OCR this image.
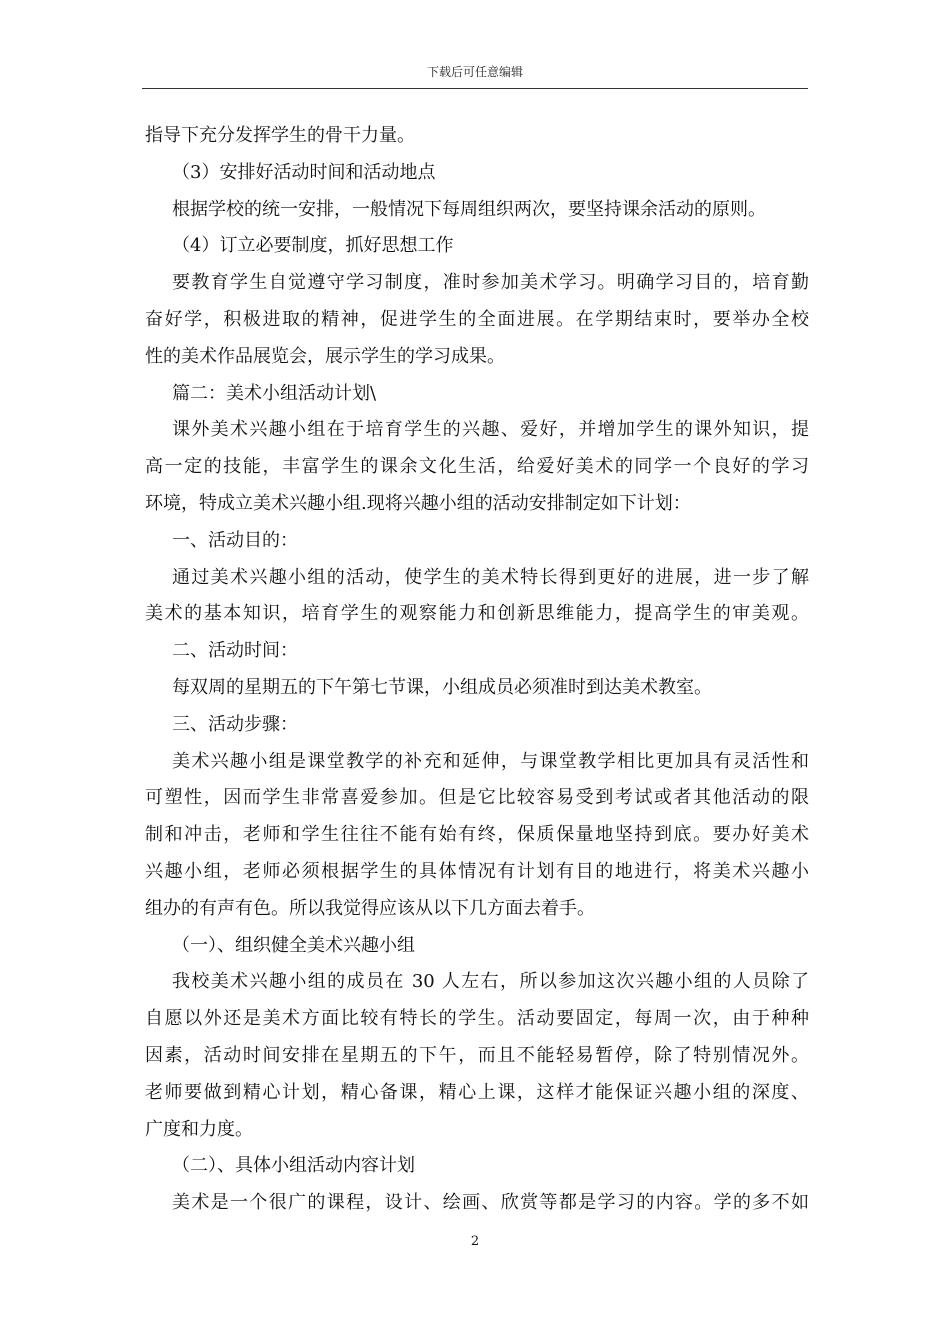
下载后可任意编辑
指导下充分发挥学生的骨干力量。
（3）安排好活动时间和活动地点
根据学校的统一安排，一般情况下每周组织两次，要坚持课余活动的原则。
（4）订立必要制度，抓好思想工作
要教育学生自觉遵守学习制度，准时参加美术学习。明确学习目的，培育勤
奋好学，积极进取的精神，促进学生的全面进展。在学期结束时，要举办全校
性的美术作品展览会，展示学生的学习成果。
篇二：美术小组活动计划\
课外美术兴趣小组在于培育学生的兴趣、爱好，并增加学生的课外知识，提
高一定的技能，丰富学生的课余文化生活，给爱好美术的同学一个良好的学习
环境，特成立美术兴趣小组.现将兴趣小组的活动安排制定如下计划：
一、活动目的：
通过美术兴趣小组的活动，使学生的美术特长得到更好的进展，进一步了解
美术的基本知识，培育学生的观察能力和创新思维能力，提高学生的审美观。
二、活动时间：
每双周的星期五的下午第七节课，小组成员必须准时到达美术教室。
三、活动步骤：
美术兴趣小组是课堂教学的补充和延伸，与课堂教学相比更加具有灵活性和
可塑性，因而学生非常喜爱参加。但是它比较容易受到考试或者其他活动的限
制和冲击，老师和学生往往不能有始有终，保质保量地坚持到底。要办好美术
兴趣小组，老师必须根据学生的具体情况有计划有目的地进行，将美术兴趣小
组办的有声有色。所以我觉得应该从以下几方面去着手。
（一）、组织健全美术兴趣小组
我校美术兴趣小组的成员在 30 人左右，所以参加这次兴趣小组的人员除了
自愿以外还是美术方面比较有特长的学生。活动要固定，每周一次，由于种种
因素，活动时间安排在星期五的下午，而且不能轻易暂停，除了特别情况外。
老师要做到精心计划，精心备课，精心上课，这样才能保证兴趣小组的深度、
广度和力度。
（二）、具体小组活动内容计划
美术是一个很广的课程，设计、绘画、欣赏等都是学习的内容。学的多不如
2
